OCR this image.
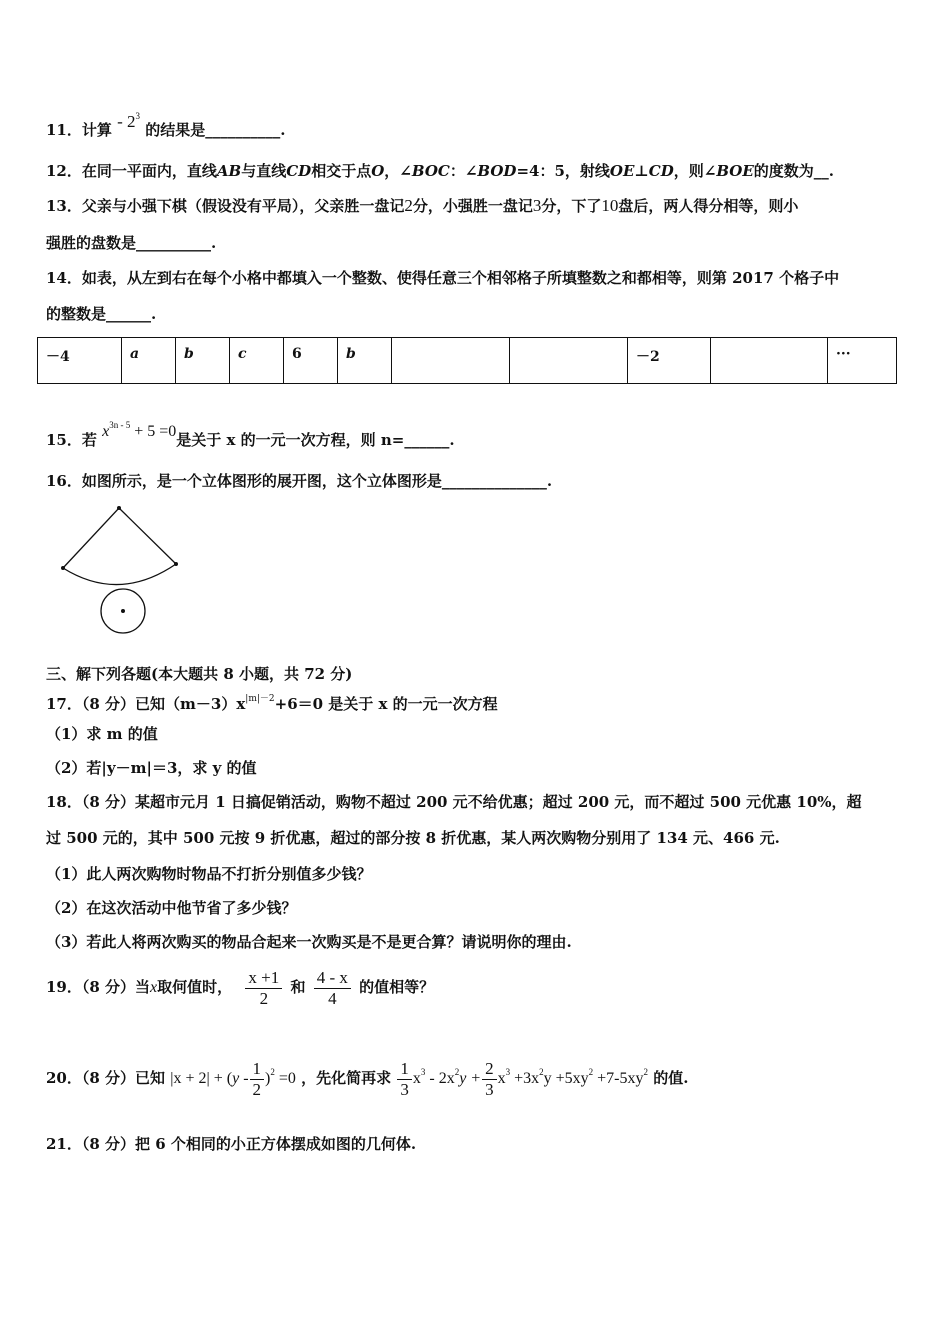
11．计算 - $2^3$ 的结果是__________.
12．在同一平面内，直线AB与直线CD相交于点O，∠BOC：∠BOD=4：5，射线OE⊥CD，则∠BOE的度数为__.
13．父亲与小强下棋（假设没有平局），父亲胜一盘记2分，小强胜一盘记3分，下了10盘后，两人得分相等，则小
强胜的盘数是__________.
14．如表，从左到右在每个小格中都填入一个整数、使得任意三个相邻格子所填整数之和都相等，则第 2017 个格子中
的整数是______.
－4	a	b	c	6	b			－2		···
15．若 $x^{3n - 5} + 5 =0$是关于 x 的一元一次方程，则 n=______.
16．如图所示，是一个立体图形的展开图，这个立体图形是______________.
三、解下列各题(本大题共 8 小题，共 72 分)
17．（8 分）已知$(m-3)x^{|m|-2}+6=0$ 是关于 x 的一元一次方程
（1）求 m 的值
（2）若|y－m|＝3，求 y 的值
18．（8 分）某超市元月 1 日搞促销活动，购物不超过 200 元不给优惠；超过 200 元，而不超过 500 元优惠 10%，超
过 500 元的，其中 500 元按 9 折优惠，超过的部分按 8 折优惠，某人两次购物分别用了 134 元、466 元.
（1）此人两次购物时物品不打折分别值多少钱？
（2）在这次活动中他节省了多少钱？
（3）若此人将两次购买的物品合起来一次购买是不是更合算？请说明你的理由.
19．（8 分）当x取何值时， $\frac{x +1}{2}$ 和 $\frac{4 - x}{4}$ 的值相等？
20．（8 分）已知 $|x + 2| + (y - \frac{1}{2} )^2 =0$ ，先化简再求 $\frac{1}{3} x^3 - 2x^2y + \frac{2}{3} x^3 +3x^2y +5xy^2 +7-5xy^2$ 的值.
21．（8 分）把 6 个相同的小正方体摆成如图的几何体.
